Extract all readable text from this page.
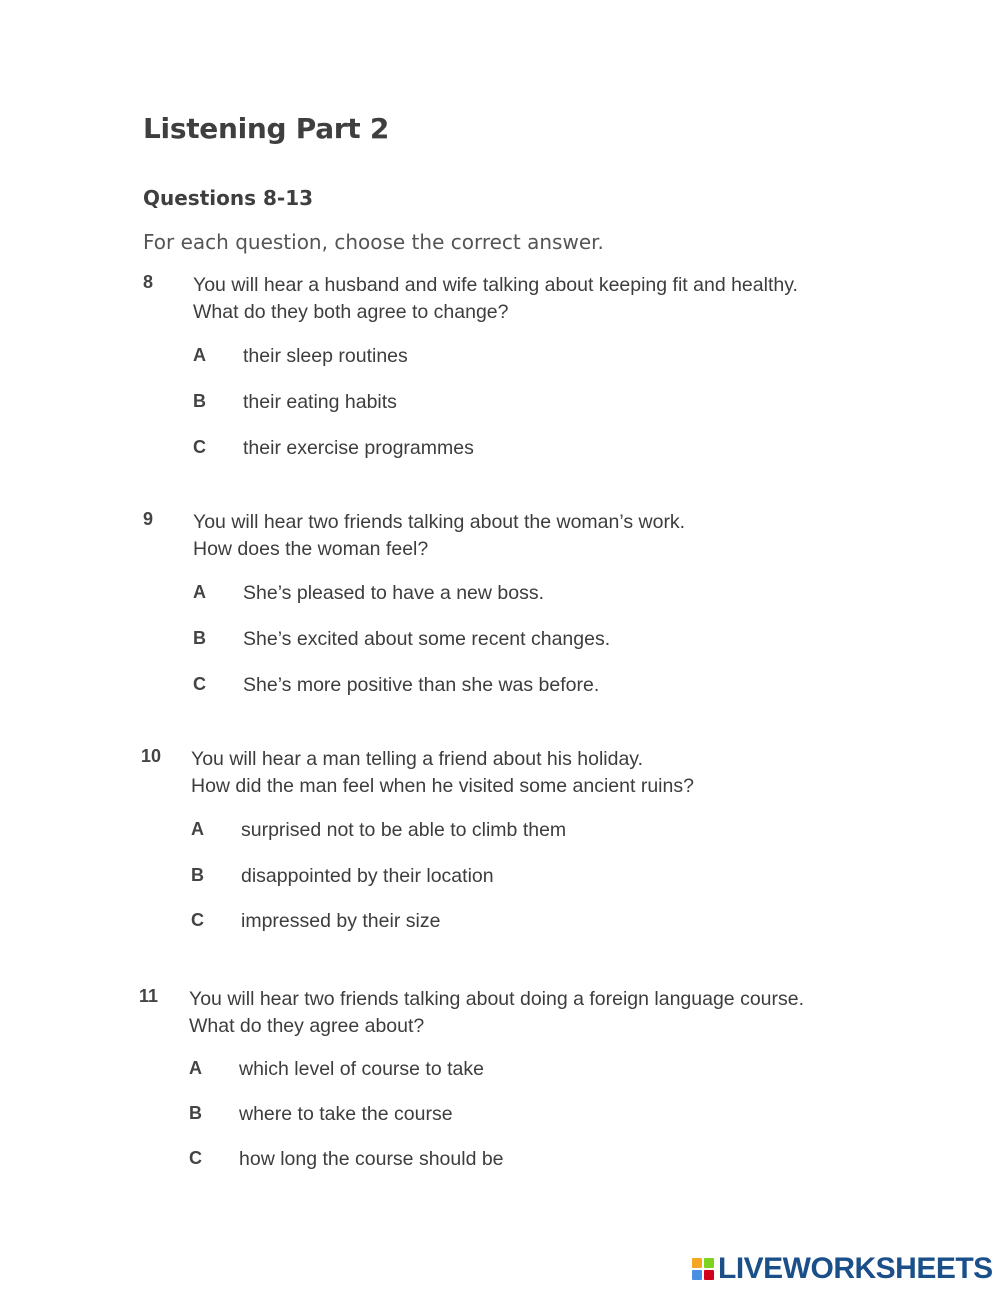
Listening Part 2
Questions 8-13

For each question, choose the correct answer.

8 You will hear a husband and wife talking about keeping fit and healthy.
What do they both agree to change?
A their sleep routines
B their eating habits
C their exercise programmes
9 You will hear two friends talking about the woman’s work.
How does the woman feel?
A She’s pleased to have a new boss.
B She’s excited about some recent changes.
C She’s more positive than she was before.
10 You will hear a man telling a friend about his holiday.
How did the man feel when he visited some ancient ruins?
A surprised not to be able to climb them
B disappointed by their location
C impressed by their size
11 You will hear two friends talking about doing a foreign language course.
What do they agree about?
A which level of course to take
B where to take the course
C how long the course should be
LIVEWORKSHEETS
